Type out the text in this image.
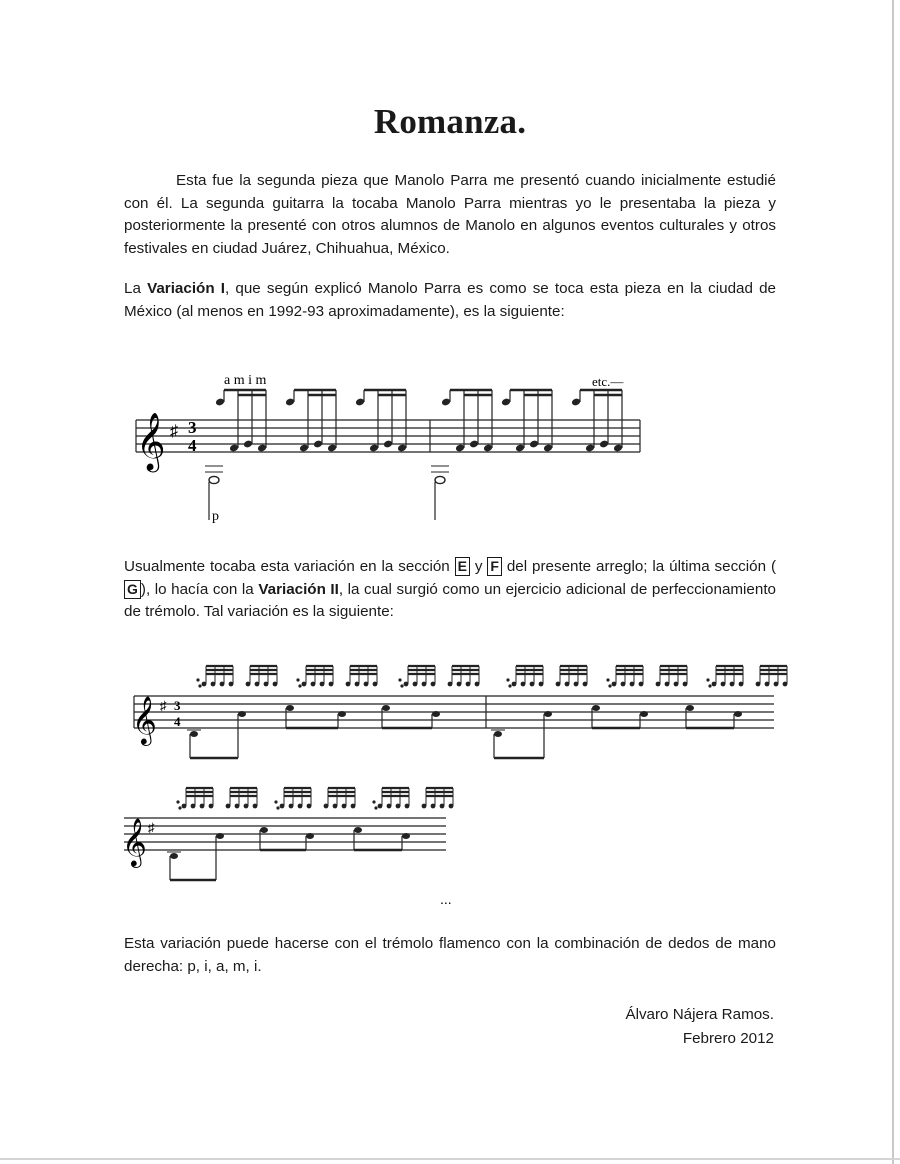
Romanza.

Esta fue la segunda pieza que Manolo Parra me presentó cuando inicialmente estudié con él. La segunda guitarra la tocaba Manolo Parra mientras yo le presentaba la pieza y posteriormente la presenté con otros alumnos de Manolo en algunos eventos culturales y otros festivales en ciudad Juárez, Chihuahua, México.

La Variación I, que según explicó Manolo Parra es como se toca esta pieza en la ciudad de México (al menos en 1992-93 aproximadamente), es la siguiente:

𝄞 ♯ 3
4
a m i m	etc.—
p

Usualmente tocaba esta variación en la sección E y F del presente arreglo; la última sección (G ), lo hacía con la Variación II, la cual surgió como un ejercicio adicional de perfeccionamiento de trémolo. Tal variación es la siguiente:

𝄞 ♯ 3
4
𝄞 ♯
...

Esta variación puede hacerse con el trémolo flamenco con la combinación de dedos de mano derecha: p, i, a, m, i.

Álvaro Nájera Ramos.
Febrero 2012
